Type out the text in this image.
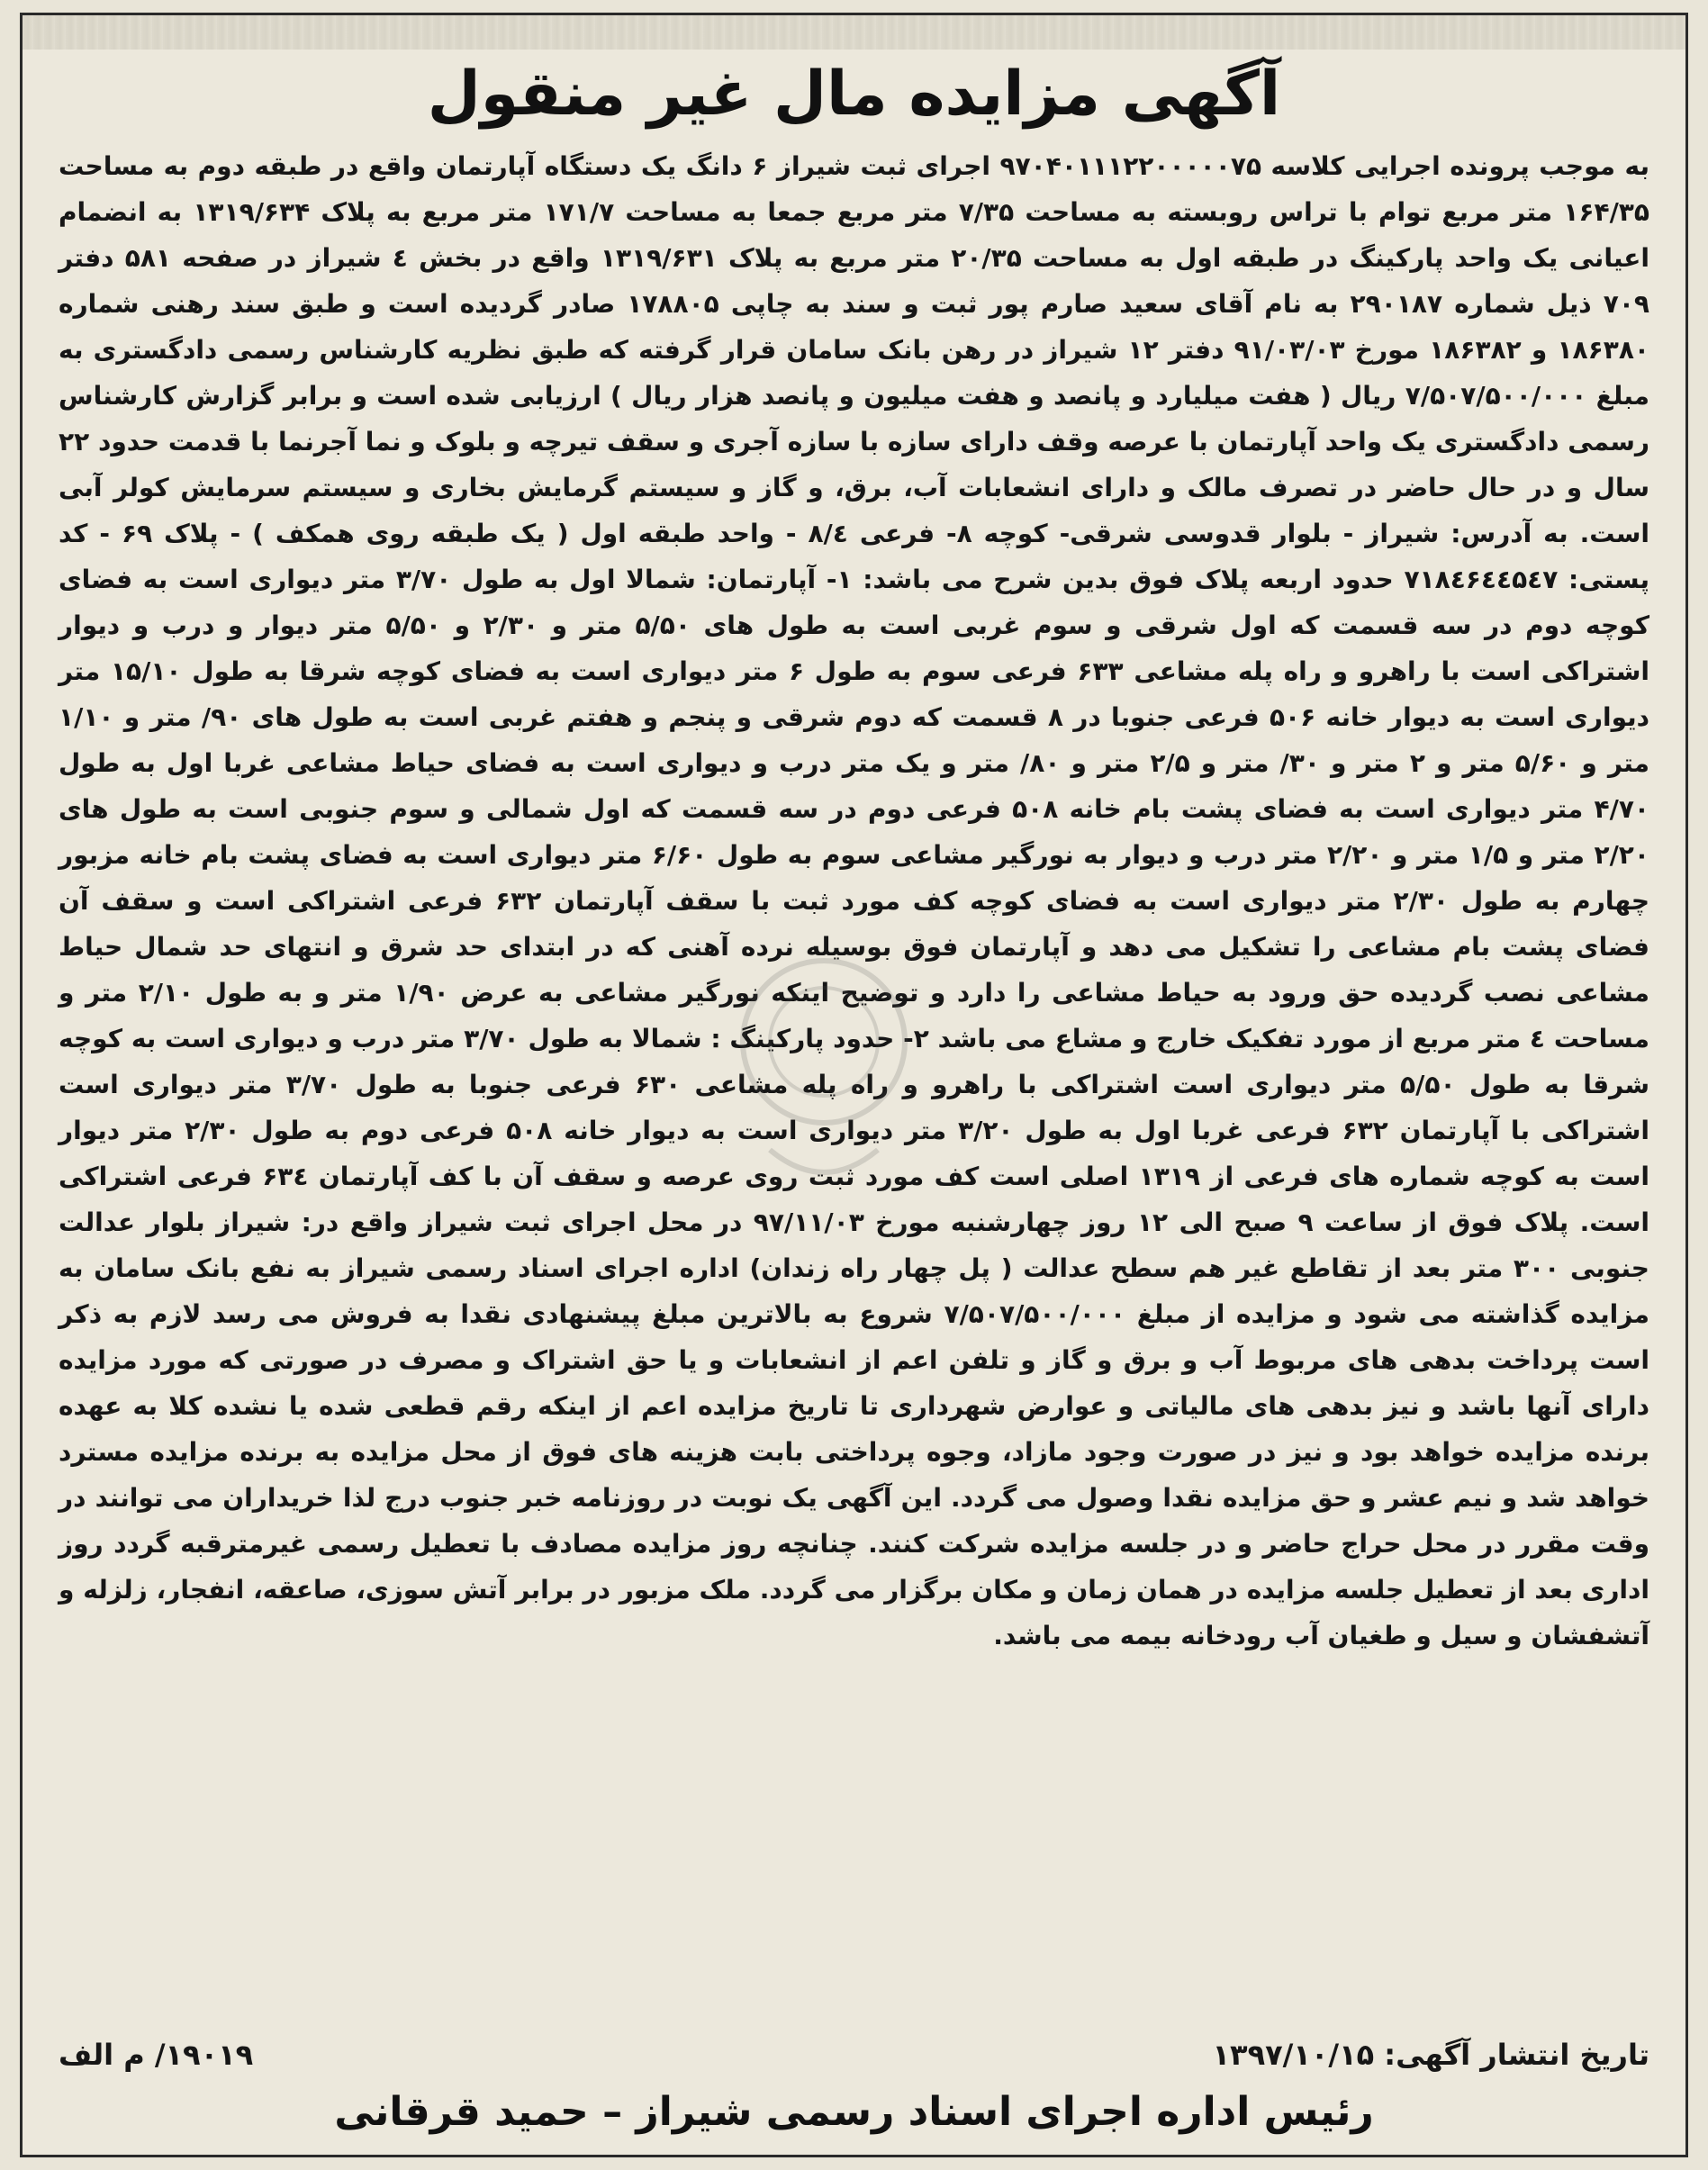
آگهی مزایده مال غیر منقول

به موجب پرونده اجرایی کلاسه ۹۷۰۴۰۱۱۱۲۲۰۰۰۰۰۷۵ اجرای ثبت شیراز ۶ دانگ یک دستگاه آپارتمان واقع در طبقه دوم به مساحت ۱۶۴/۳۵ متر مربع توام با تراس روبسته به مساحت ۷/۳۵ متر مربع جمعا به مساحت ۱۷۱/۷ متر مربع به پلاک ۱۳۱۹/۶۳۴ به انضمام اعیانی یک واحد پارکینگ در طبقه اول به مساحت ۲۰/۳۵ متر مربع به پلاک ۱۳۱۹/۶۳۱ واقع در بخش ٤ شیراز در صفحه ۵۸۱ دفتر ۷۰۹ ذیل شماره ۲۹۰۱۸۷ به نام آقای سعید صارم پور ثبت و سند به چاپی ۱۷۸۸۰۵ صادر گردیده است و طبق سند رهنی شماره ۱۸۶۳۸۰ و ۱۸۶۳۸۲ مورخ ۹۱/۰۳/۰۳ دفتر ۱۲ شیراز در رهن بانک سامان قرار گرفته که طبق نظریه کارشناس رسمی دادگستری به مبلغ ۷/۵۰۷/۵۰۰/۰۰۰ ریال ( هفت میلیارد و پانصد و هفت میلیون و پانصد هزار ریال ) ارزیابی شده است و برابر گزارش کارشناس رسمی دادگستری یک واحد آپارتمان با عرصه وقف دارای سازه با سازه آجری و سقف تیرچه و بلوک و نما آجرنما با قدمت حدود ۲۲ سال و در حال حاضر در تصرف مالک و دارای انشعابات آب، برق، و گاز و سیستم گرمایش بخاری و سیستم سرمایش کولر آبی است. به آدرس: شیراز - بلوار قدوسی شرقی- کوچه ۸- فرعی ۸/٤ - واحد طبقه اول ( یک طبقه روی همکف ) - پلاک ۶۹ - کد پستی: ۷۱۸٤۶٤٤۵٤۷ حدود اربعه پلاک فوق بدین شرح می باشد: ۱- آپارتمان: شمالا اول به طول ۳/۷۰ متر دیواری است به فضای کوچه دوم در سه قسمت که اول شرقی و سوم غربی است به طول های ۵/۵۰ متر و ۲/۳۰ و ۵/۵۰ متر دیوار و درب و دیوار اشتراکی است با راهرو و راه پله مشاعی ۶۳۳ فرعی سوم به طول ۶ متر دیواری است به فضای کوچه شرقا به طول ۱۵/۱۰ متر دیواری است به دیوار خانه ۵۰۶ فرعی جنوبا در ۸ قسمت که دوم شرقی و پنجم و هفتم غربی است به طول های ۹۰/ متر و ۱/۱۰ متر و ۵/۶۰ متر و ۲ متر و ۳۰/ متر و ۲/۵ متر و ۸۰/ متر و یک متر درب و دیواری است به فضای حیاط مشاعی غربا اول به طول ۴/۷۰ متر دیواری است به فضای پشت بام خانه ۵۰۸ فرعی دوم در سه قسمت که اول شمالی و سوم جنوبی است به طول های ۲/۲۰ متر و ۱/۵ متر و ۲/۲۰ متر درب و دیوار به نورگیر مشاعی سوم به طول ۶/۶۰ متر دیواری است به فضای پشت بام خانه مزبور چهارم به طول ۲/۳۰ متر دیواری است به فضای کوچه کف مورد ثبت با سقف آپارتمان ۶۳۲ فرعی اشتراکی است و سقف آن فضای پشت بام مشاعی را تشکیل می دهد و آپارتمان فوق بوسیله نرده آهنی که در ابتدای حد شرق و انتهای حد شمال حیاط مشاعی نصب گردیده حق ورود به حیاط مشاعی را دارد و توضیح اینکه نورگیر مشاعی به عرض ۱/۹۰ متر و به طول ۲/۱۰ متر و مساحت ٤ متر مربع از مورد تفکیک خارج و مشاع می باشد ۲- حدود پارکینگ : شمالا به طول ۳/۷۰ متر درب و دیواری است به کوچه شرقا به طول ۵/۵۰ متر دیواری است اشتراکی با راهرو و راه پله مشاعی ۶۳۰ فرعی جنوبا به طول ۳/۷۰ متر دیواری است اشتراکی با آپارتمان ۶۳۲ فرعی غربا اول به طول ۳/۲۰ متر دیواری است به دیوار خانه ۵۰۸ فرعی دوم به طول ۲/۳۰ متر دیوار است به کوچه شماره های فرعی از ۱۳۱۹ اصلی است کف مورد ثبت روی عرصه و سقف آن با کف آپارتمان ۶۳٤ فرعی اشتراکی است. پلاک فوق از ساعت ۹ صبح الی ۱۲ روز چهارشنبه مورخ ۹۷/۱۱/۰۳ در محل اجرای ثبت شیراز واقع در: شیراز بلوار عدالت جنوبی ۳۰۰ متر بعد از تقاطع غیر هم سطح عدالت ( پل چهار راه زندان) اداره اجرای اسناد رسمی شیراز به نفع بانک سامان به مزایده گذاشته می شود و مزایده از مبلغ ۷/۵۰۷/۵۰۰/۰۰۰ شروع به بالاترین مبلغ پیشنهادی نقدا به فروش می رسد لازم به ذکر است پرداخت بدهی های مربوط آب و برق و گاز و تلفن اعم از انشعابات و یا حق اشتراک و مصرف در صورتی که مورد مزایده دارای آنها باشد و نیز بدهی های مالیاتی و عوارض شهرداری تا تاریخ مزایده اعم از اینکه رقم قطعی شده یا نشده کلا به عهده برنده مزایده خواهد بود و نیز در صورت وجود مازاد، وجوه پرداختی بابت هزینه های فوق از محل مزایده به برنده مزایده مسترد خواهد شد و نیم عشر و حق مزایده نقدا وصول می گردد. این آگهی یک نوبت در روزنامه خبر جنوب درج لذا خریداران می توانند در وقت مقرر در محل حراج حاضر و در جلسه مزایده شرکت کنند. چنانچه روز مزایده مصادف با تعطیل رسمی غیرمترقبه گردد روز اداری بعد از تعطیل جلسه مزایده در همان زمان و مکان برگزار می گردد. ملک مزبور در برابر آتش سوزی، صاعقه، انفجار، زلزله و آتشفشان و سیل و طغیان آب رودخانه بیمه می باشد.

تاریخ انتشار آگهی: ۱۳۹۷/۱۰/۱۵
۱۹۰۱۹/ م الف
رئیس اداره اجرای اسناد رسمی شیراز – حمید قرقانی
